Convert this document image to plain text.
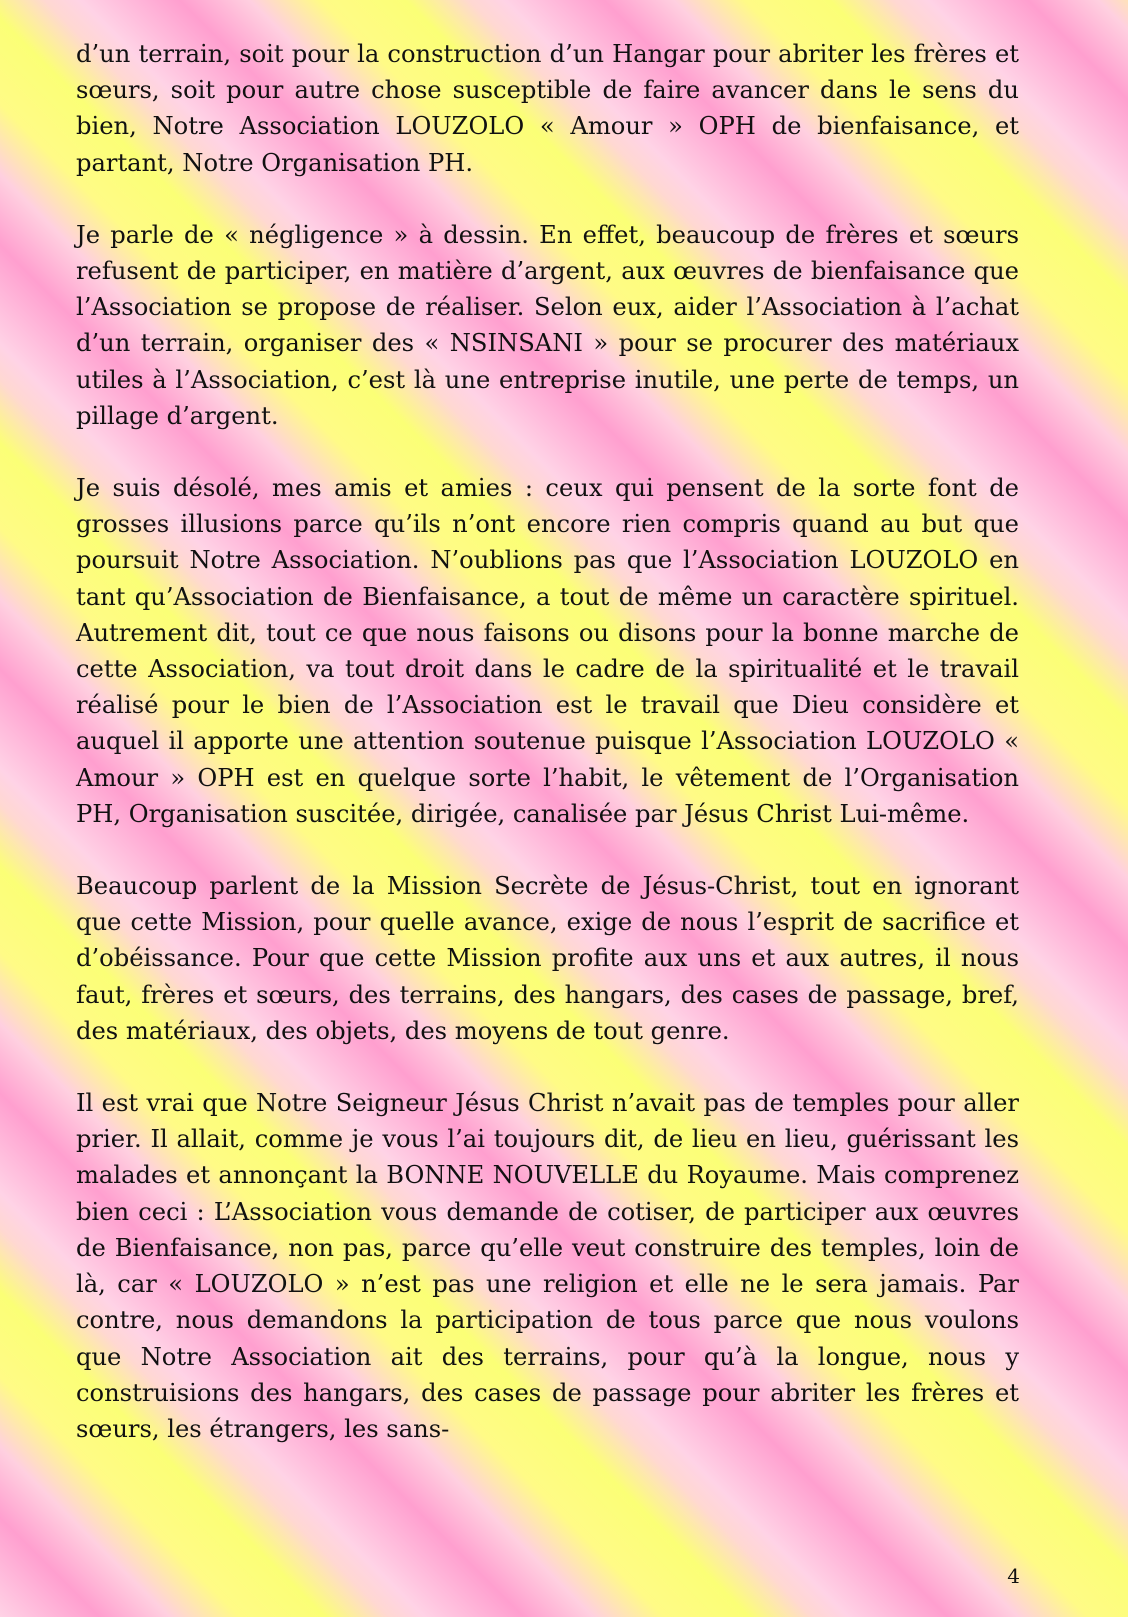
d’un terrain, soit pour la construction d’un Hangar pour abriter les frères et sœurs, soit pour autre chose susceptible de faire avancer dans le sens du bien, Notre Association LOUZOLO « Amour » OPH de bienfaisance, et partant, Notre Organisation PH.

Je parle de « négligence » à dessin. En effet, beaucoup de frères et sœurs refusent de participer, en matière d’argent, aux œuvres de bienfaisance que l’Association se propose de réaliser. Selon eux, aider l’Association à l’achat d’un terrain, organiser des « NSINSANI » pour se procurer des matériaux utiles à l’Association, c’est là une entreprise inutile, une perte de temps, un pillage d’argent.

Je suis désolé, mes amis et amies : ceux qui pensent de la sorte font de grosses illusions parce qu’ils n’ont encore rien compris quand au but que poursuit Notre Association. N’oublions pas que l’Association LOUZOLO en tant qu’Association de Bienfaisance, a tout de même un caractère spirituel. Autrement dit, tout ce que nous faisons ou disons pour la bonne marche de cette Association, va tout droit dans le cadre de la spiritualité et le travail réalisé pour le bien de l’Association est le travail que Dieu considère et auquel il apporte une attention soutenue puisque l’Association LOUZOLO « Amour » OPH est en quelque sorte l’habit, le vêtement de l’Organisation PH, Organisation suscitée, dirigée, canalisée par Jésus Christ Lui-même.

Beaucoup parlent de la Mission Secrète de Jésus-Christ, tout en ignorant que cette Mission, pour quelle avance, exige de nous l’esprit de sacrifice et d’obéissance. Pour que cette Mission profite aux uns et aux autres, il nous faut, frères et sœurs, des terrains, des hangars, des cases de passage, bref, des matériaux, des objets, des moyens de tout genre.

Il est vrai que Notre Seigneur Jésus Christ n’avait pas de temples pour aller prier. Il allait, comme je vous l’ai toujours dit, de lieu en lieu, guérissant les malades et annonçant la BONNE NOUVELLE du Royaume. Mais comprenez bien ceci : L’Association vous demande de cotiser, de participer aux œuvres de Bienfaisance, non pas, parce qu’elle veut construire des temples, loin de là, car « LOUZOLO » n’est pas une religion et elle ne le sera jamais. Par contre, nous demandons la participation de tous parce que nous voulons que Notre Association ait des terrains, pour qu’à la longue, nous y construisions des hangars, des cases de passage pour abriter les frères et sœurs, les étrangers, les sans-

4
